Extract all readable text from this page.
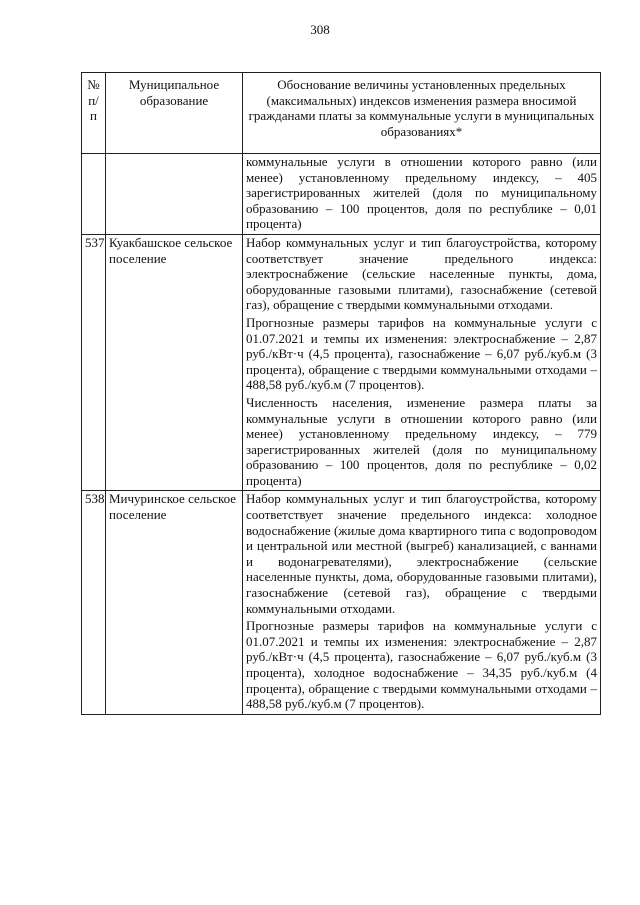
308
№ п/п	Муниципальное образование	Обоснование величины установленных предельных (максимальных) индексов изменения размера вносимой гражданами платы за коммунальные услуги в муниципальных образованиях*

		коммунальные услуги в отношении которого равно (или менее) установленному предельному индексу, – 405 зарегистрированных жителей (доля по муниципальному образованию – 100 процентов, доля по республике – 0,01 процента)

537	Куакбашское сельское поселение	Набор коммунальных услуг и тип благоустройства, которому соответствует значение предельного индекса: электроснабжение (сельские населенные пункты, дома, оборудованные газовыми плитами), газоснабжение (сетевой газ), обращение с твердыми коммунальными отходами.
Прогнозные размеры тарифов на коммунальные услуги с 01.07.2021 и темпы их изменения: электроснабжение – 2,87 руб./кВт·ч (4,5 процента), газоснабжение – 6,07 руб./куб.м (3 процента), обращение с твердыми коммунальными отходами – 488,58 руб./куб.м (7 процентов).
Численность населения, изменение размера платы за коммунальные услуги в отношении которого равно (или менее) установленному предельному индексу, – 779 зарегистрированных жителей (доля по муниципальному образованию – 100 процентов, доля по республике – 0,02 процента)

538	Мичуринское сельское поселение	Набор коммунальных услуг и тип благоустройства, которому соответствует значение предельного индекса: холодное водоснабжение (жилые дома квартирного типа с водопроводом и центральной или местной (выгреб) канализацией, с ваннами и водонагревателями), электроснабжение (сельские населенные пункты, дома, оборудованные газовыми плитами), газоснабжение (сетевой газ), обращение с твердыми коммунальными отходами.
Прогнозные размеры тарифов на коммунальные услуги с 01.07.2021 и темпы их изменения: электроснабжение – 2,87 руб./кВт·ч (4,5 процента), газоснабжение – 6,07 руб./куб.м (3 процента), холодное водоснабжение – 34,35 руб./куб.м (4 процента), обращение с твердыми коммунальными отходами – 488,58 руб./куб.м (7 процентов).
